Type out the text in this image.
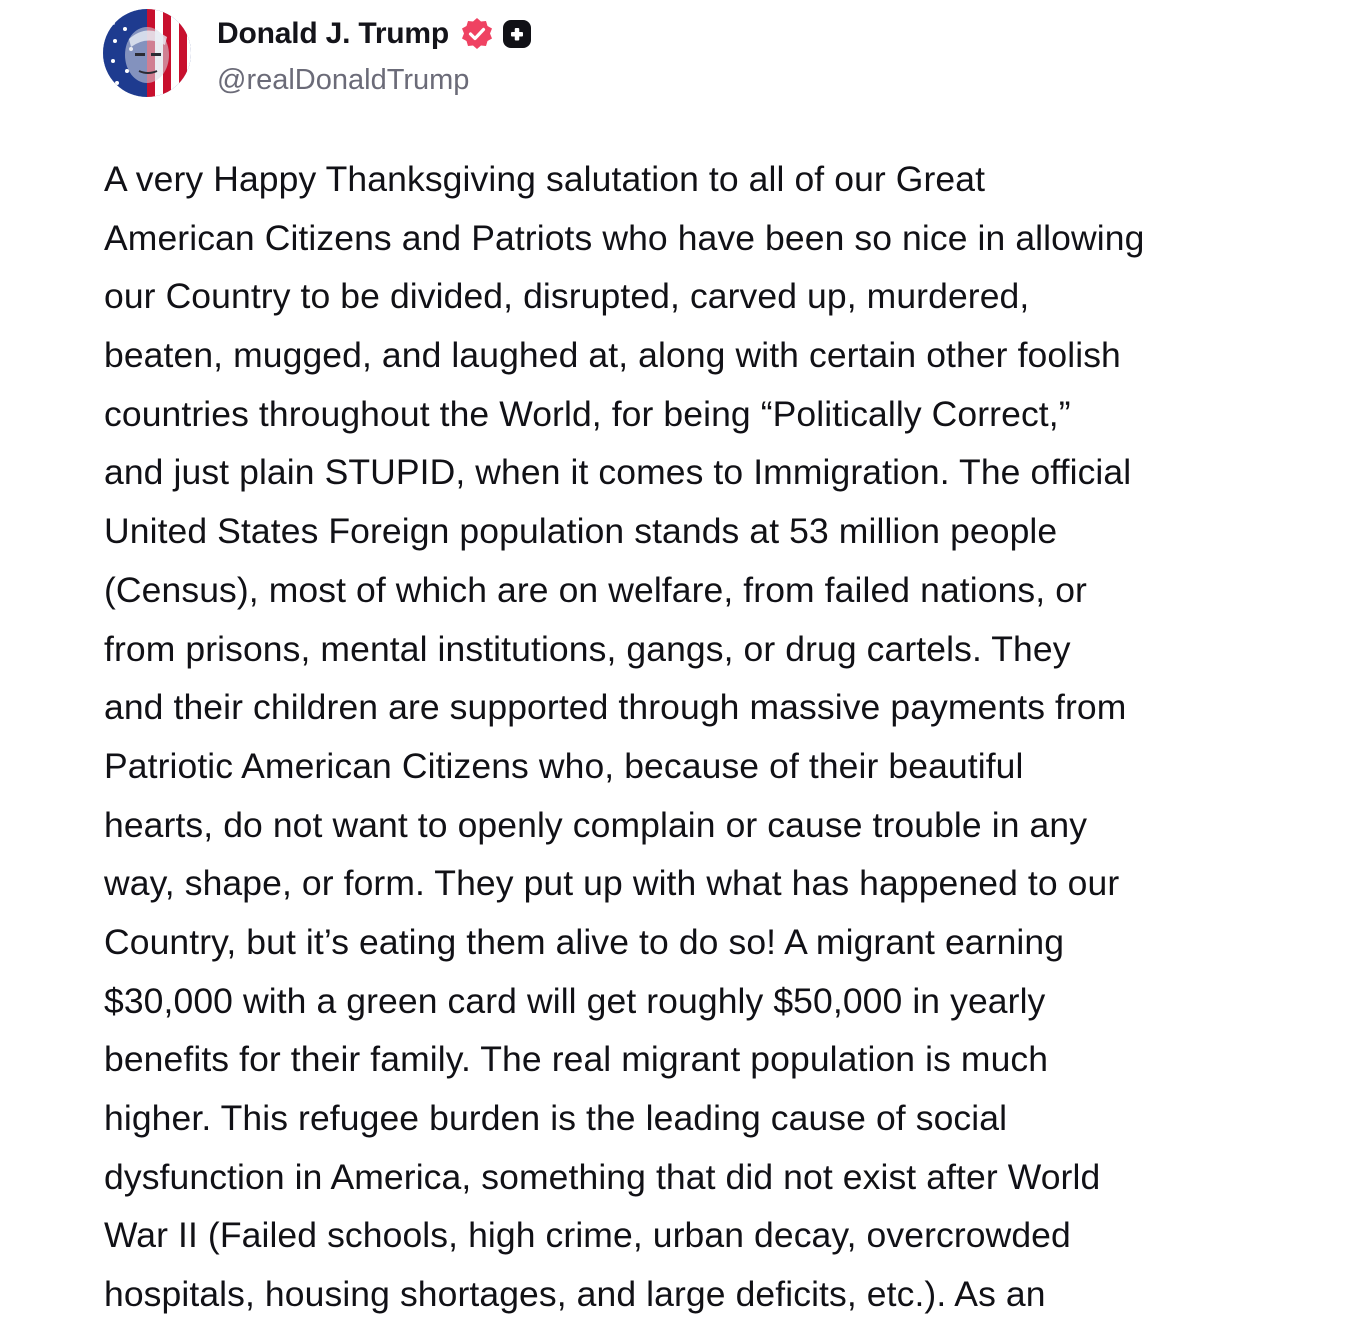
Donald J. Trump
@realDonaldTrump
A very Happy Thanksgiving salutation to all of our Great
American Citizens and Patriots who have been so nice in allowing
our Country to be divided, disrupted, carved up, murdered,
beaten, mugged, and laughed at, along with certain other foolish
countries throughout the World, for being “Politically Correct,”
and just plain STUPID, when it comes to Immigration. The official
United States Foreign population stands at 53 million people
(Census), most of which are on welfare, from failed nations, or
from prisons, mental institutions, gangs, or drug cartels. They
and their children are supported through massive payments from
Patriotic American Citizens who, because of their beautiful
hearts, do not want to openly complain or cause trouble in any
way, shape, or form. They put up with what has happened to our
Country, but it’s eating them alive to do so! A migrant earning
$30,000 with a green card will get roughly $50,000 in yearly
benefits for their family. The real migrant population is much
higher. This refugee burden is the leading cause of social
dysfunction in America, something that did not exist after World
War II (Failed schools, high crime, urban decay, overcrowded
hospitals, housing shortages, and large deficits, etc.). As an
